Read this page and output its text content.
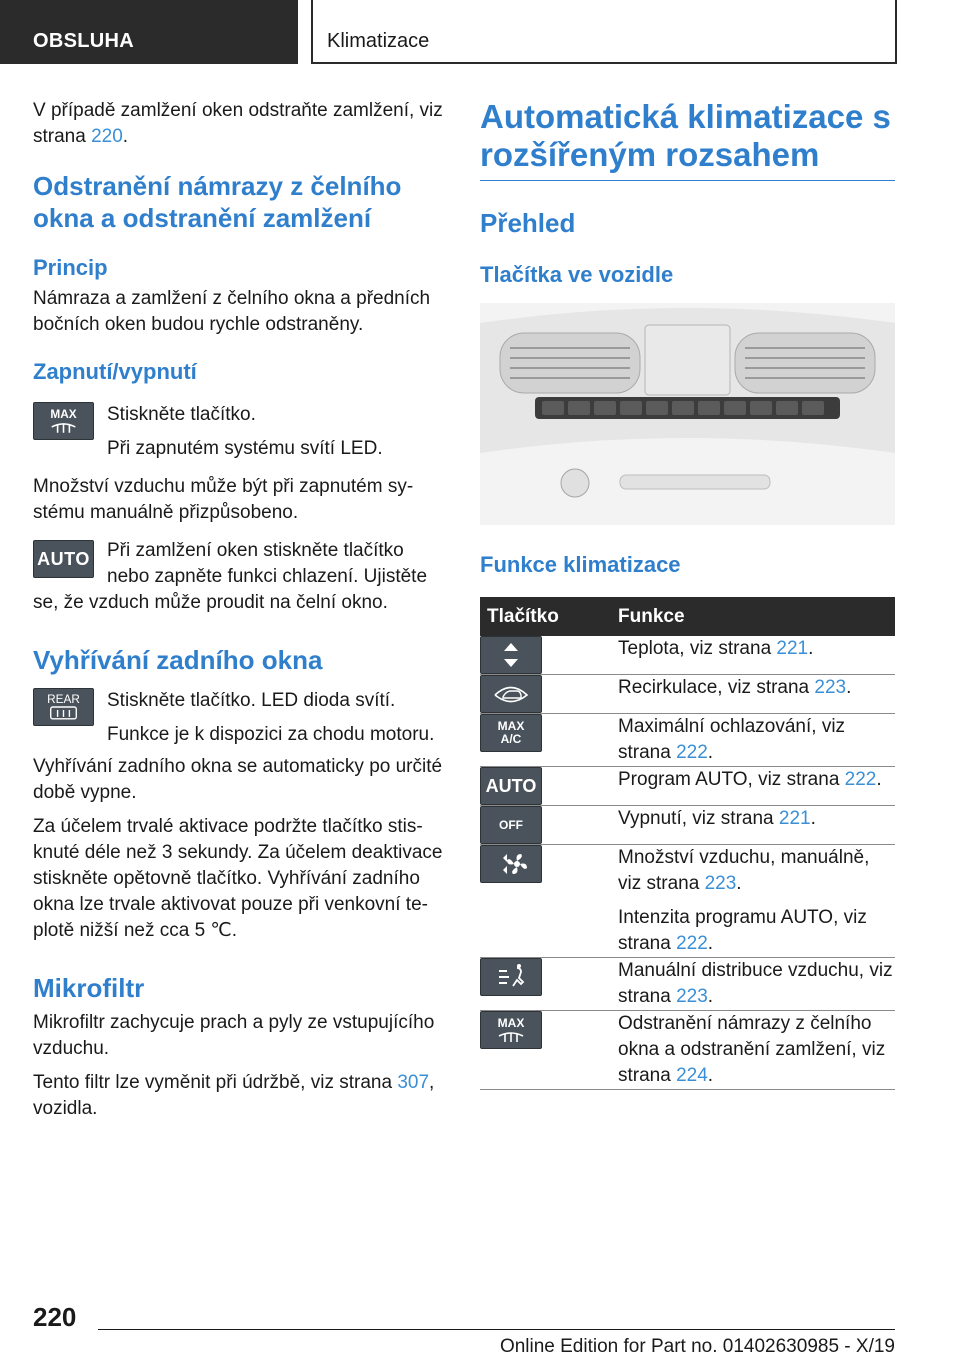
OBSLUHA	Klimatizace

V případě zamlžení oken odstraňte zamlžení, viz strana 220.

Odstranění námrazy z čelního okna a odstranění zamlžení
Princip

Námraza a zamlžení z čelního okna a předních bočních oken budou rychle odstraněny.

Zapnutí/vypnutí
MAX Stiskněte tlačítko.

Při zapnutém systému svítí LED.

Množství vzduchu může být při zapnutém systému manuálně přizpůsobeno.

AUTO Při zamlžení oken stiskněte tlačítko nebo zapněte funkci chlazení. Ujistěte se, že vzduch může proudit na čelní okno.

Vyhřívání zadního okna
REAR Stiskněte tlačítko. LED dioda svítí.

Funkce je k dispozici za chodu motoru.

Vyhřívání zadního okna se automaticky po určité době vypne.

Za účelem trvalé aktivace podržte tlačítko stisknuté déle než 3 sekundy. Za účelem deaktivace stiskněte opětovně tlačítko. Vyhřívání zadního okna lze trvale aktivovat pouze při venkovní teplotě nižší než cca 5 ℃.

Mikrofiltr

Mikrofiltr zachycuje prach a pyly ze vstupujícího vzduchu.

Tento filtr lze vyměnit při údržbě, viz strana 307, vozidla.

Automatická klimatizace s rozšířeným rozsahem
Přehled
Tlačítka ve vozidle
Funkce klimatizace
Tlačítko	Funkce

Teplota, viz strana 221.

Recirkulace, viz strana 223.

MAX
A/C	Maximální ochlazování, viz strana 222.

AUTO	Program AUTO, viz strana 222.

OFF	Vypnutí, viz strana 221.

Množství vzduchu, manuálně, viz strana 223.

Intenzita programu AUTO, viz strana 222.

Manuální distribuce vzduchu, viz strana 223.

MAX	Odstranění námrazy z čelního okna a odstranění zamlžení, viz strana 224.

220
Online Edition for Part no. 01402630985 - X/19
